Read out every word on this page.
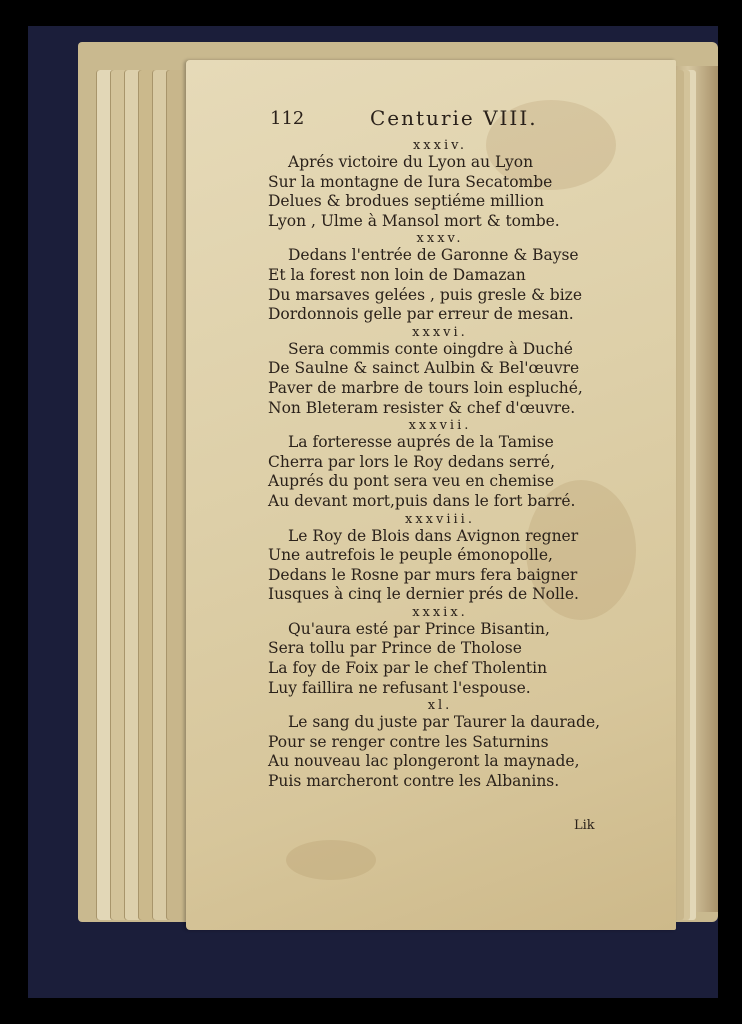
112	Centurie VIII.
xxxiv.
Aprés victoire du Lyon au Lyon
Sur la montagne de Iura Secatombe
Delues & brodues septiéme million
Lyon , Ulme à Mansol mort & tombe.
xxxv.
Dedans l'entrée de Garonne & Bayse
Et la forest non loin de Damazan
Du marsaves gelées , puis gresle & bize
Dordonnois gelle par erreur de mesan.
xxxvi.
Sera commis conte oingdre à Duché
De Saulne & sainct Aulbin & Bel'œuvre
Paver de marbre de tours loin espluché,
Non Bleteram resister & chef d'œuvre.
xxxvii.
La forteresse auprés de la Tamise
Cherra par lors le Roy dedans serré,
Auprés du pont sera veu en chemise
Au devant mort,puis dans le fort barré.
xxxviii.
Le Roy de Blois dans Avignon regner
Une autrefois le peuple émonopolle,
Dedans le Rosne par murs fera baigner
Iusques à cinq le dernier prés de Nolle.
xxxix.
Qu'aura esté par Prince Bisantin,
Sera tollu par Prince de Tholose
La foy de Foix par le chef Tholentin
Luy faillira ne refusant l'espouse.
xl.
Le sang du juste par Taurer la daurade,
Pour se renger contre les Saturnins
Au nouveau lac plongeront la maynade,
Puis marcheront contre les Albanins.
Lik
